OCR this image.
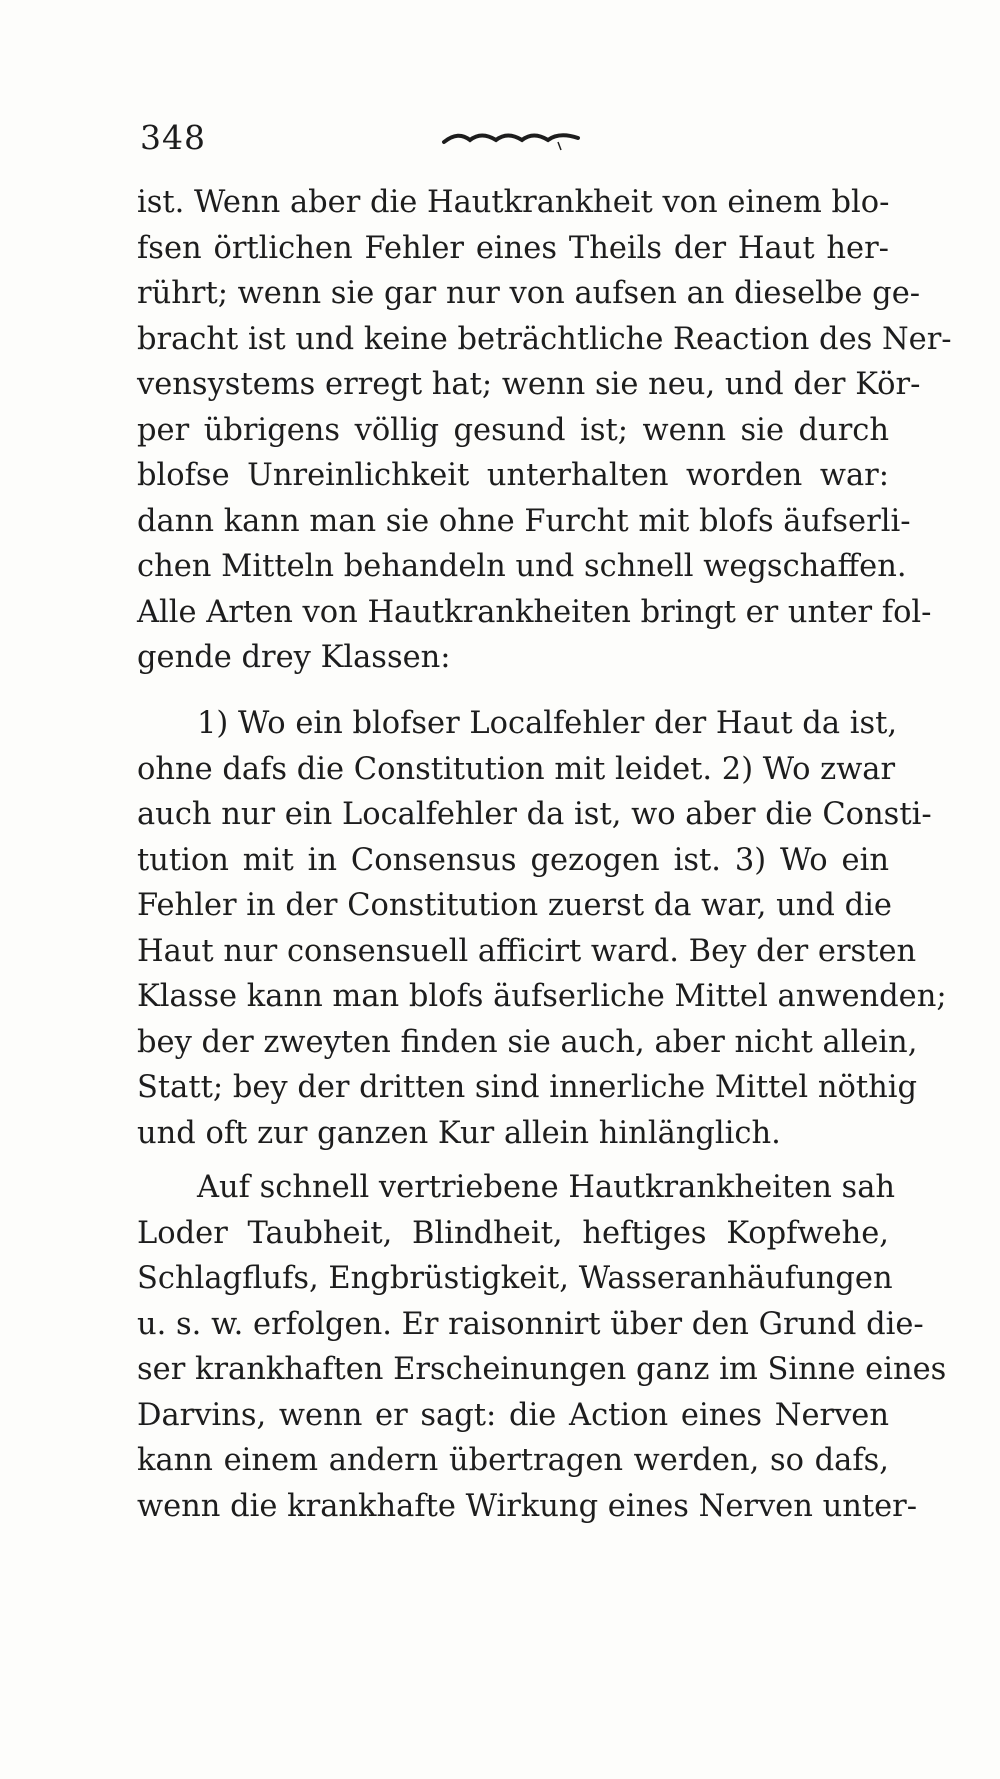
348
ist. Wenn aber die Hautkrankheit von einem blo-
fsen örtlichen Fehler eines Theils der Haut her-
rührt; wenn sie gar nur von aufsen an dieselbe ge-
bracht ist und keine beträchtliche Reaction des Ner-
vensystems erregt hat; wenn sie neu, und der Kör-
per übrigens völlig gesund ist; wenn sie durch
blofse Unreinlichkeit unterhalten worden war:
dann kann man sie ohne Furcht mit blofs äufserli-
chen Mitteln behandeln und schnell wegschaffen.
Alle Arten von Hautkrankheiten bringt er unter fol-
gende drey Klassen:
1) Wo ein blofser Localfehler der Haut da ist,
ohne dafs die Constitution mit leidet. 2) Wo zwar
auch nur ein Localfehler da ist, wo aber die Consti-
tution mit in Consensus gezogen ist. 3) Wo ein
Fehler in der Constitution zuerst da war, und die
Haut nur consensuell afficirt ward. Bey der ersten
Klasse kann man blofs äufserliche Mittel anwenden;
bey der zweyten finden sie auch, aber nicht allein,
Statt; bey der dritten sind innerliche Mittel nöthig
und oft zur ganzen Kur allein hinlänglich.
Auf schnell vertriebene Hautkrankheiten sah
Loder Taubheit, Blindheit, heftiges Kopfwehe,
Schlagflufs, Engbrüstigkeit, Wasseranhäufungen
u. s. w. erfolgen. Er raisonnirt über den Grund die-
ser krankhaften Erscheinungen ganz im Sinne eines
Darvins, wenn er sagt: die Action eines Nerven
kann einem andern übertragen werden, so dafs,
wenn die krankhafte Wirkung eines Nerven unter-
